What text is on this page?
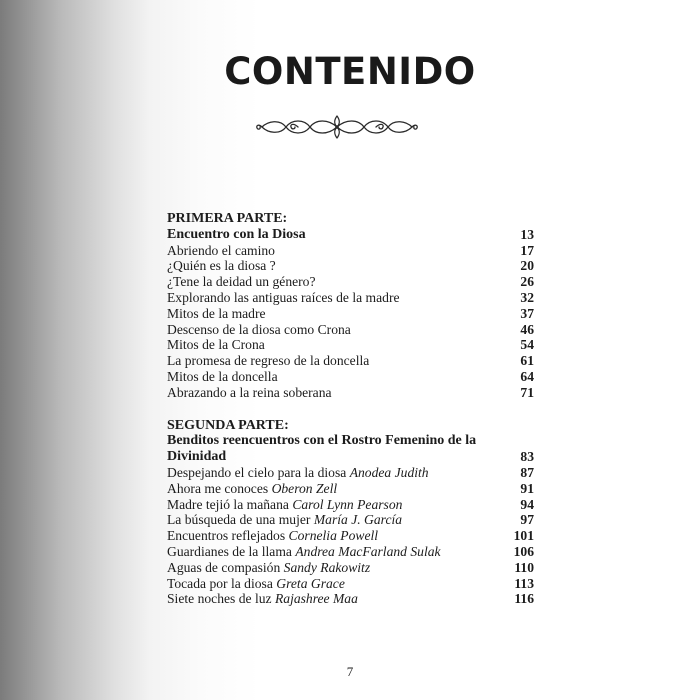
CONTENIDO
PRIMERA PARTE:
Encuentro con la Diosa	13
Abriendo el camino	17
¿Quién es la diosa ?	20
¿Tene la deidad un género?	26
Explorando las antiguas raíces de la madre	32
Mitos de la madre	37
Descenso de la diosa como Crona	46
Mitos de la Crona	54
La promesa de regreso de la doncella	61
Mitos de la doncella	64
Abrazando a la reina soberana	71
SEGUNDA PARTE:
Benditos reencuentros con el Rostro Femenino de la Divinidad	83
Despejando el cielo para la diosa Anodea Judith	87
Ahora me conoces Oberon Zell	91
Madre tejió la mañana Carol Lynn Pearson	94
La búsqueda de una mujer María J. García	97
Encuentros reflejados Cornelia Powell	101
Guardianes de la llama Andrea MacFarland Sulak	106
Aguas de compasión Sandy Rakowitz	110
Tocada por la diosa Greta Grace	113
Siete noches de luz Rajashree Maa	116
7
